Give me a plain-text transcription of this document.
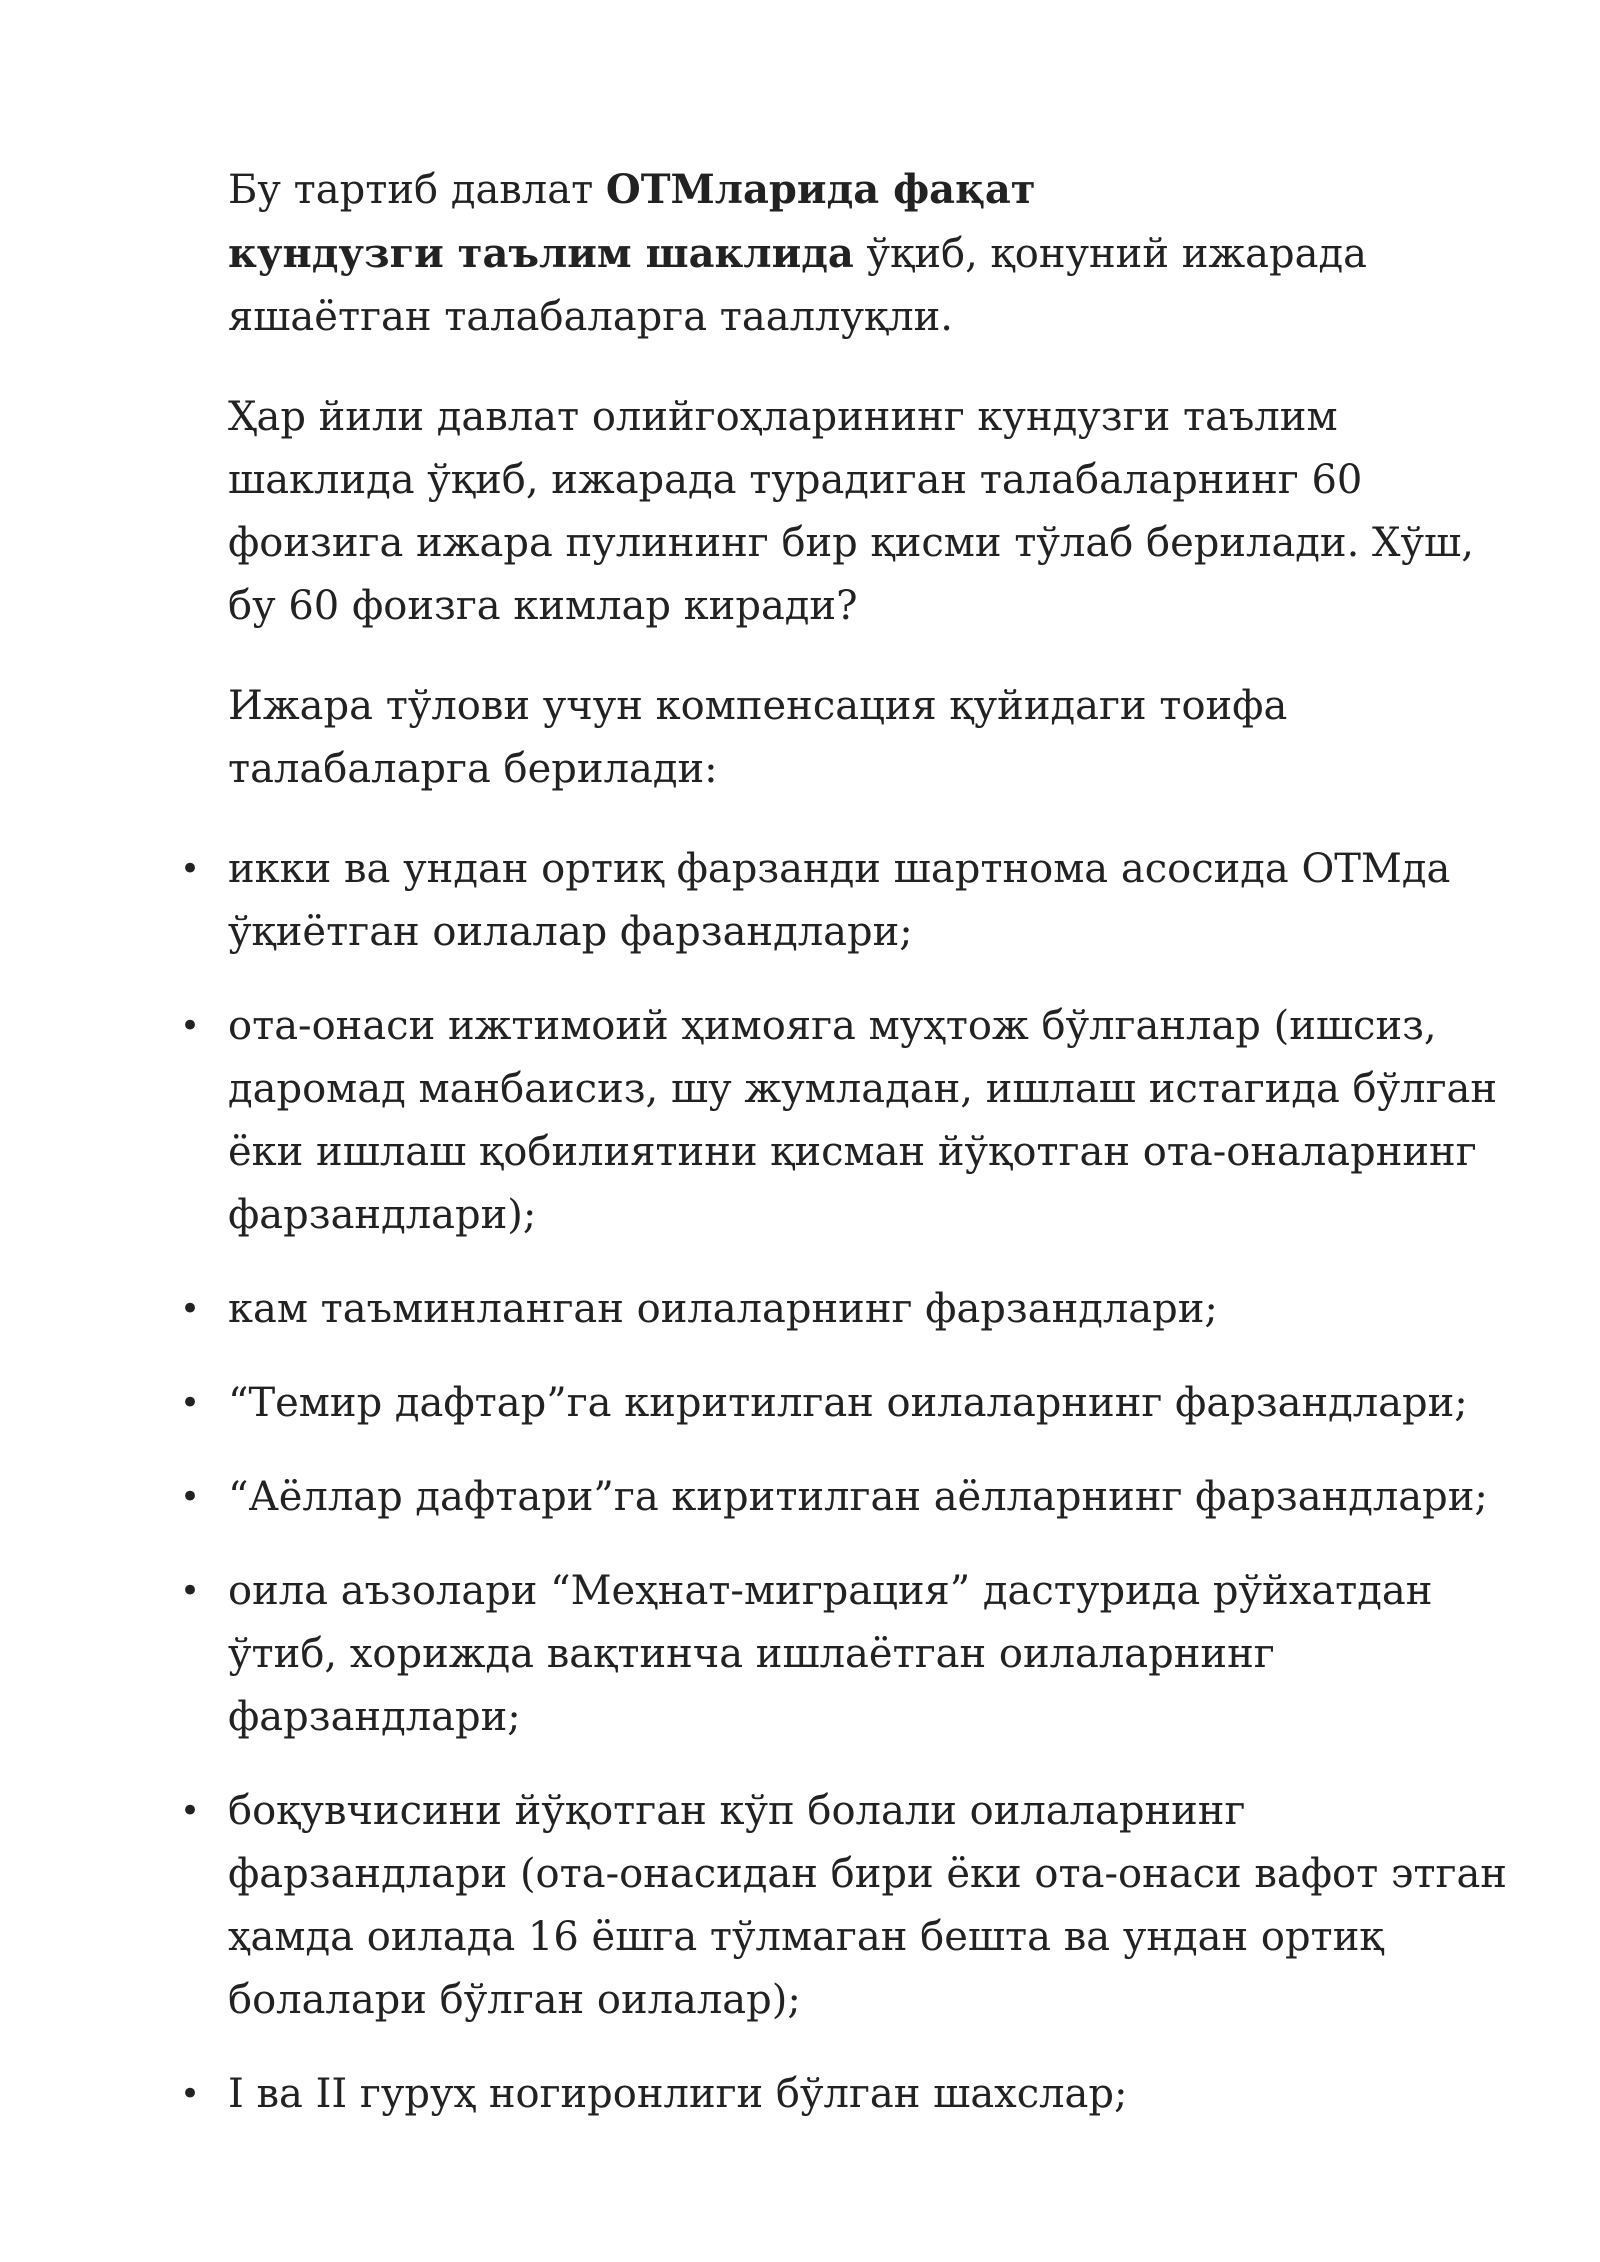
Бу тартиб давлат ОТМларида фақат
кундузги таълим шаклида ўқиб, қонуний ижарада яшаётган талабаларга тааллуқли.

Ҳар йили давлат олийгоҳларининг кундузги таълим шаклида ўқиб, ижарада турадиган талабаларнинг 60 фоизига ижара пулининг бир қисми тўлаб берилади. Хўш, бу 60 фоизга кимлар киради?

Ижара тўлови учун компенсация қуйидаги тоифа талабаларга берилади:

• икки ва ундан ортиқ фарзанди шартнома асосида ОТМда ўқиётган оилалар фарзандлари;
• ота-онаси ижтимоий ҳимояга муҳтож бўлганлар (ишсиз, даромад манбаисиз, шу жумладан, ишлаш истагида бўлган ёки ишлаш қобилиятини қисман йўқотган ота-оналарнинг фарзандлари);
• кам таъминланган оилаларнинг фарзандлари;
• “Темир дафтар”га киритилган оилаларнинг фарзандлари;
• “Аёллар дафтари”га киритилган аёлларнинг фарзандлари;
• оила аъзолари “Меҳнат-миграция” дастурида рўйхатдан ўтиб, хорижда вақтинча ишлаётган оилаларнинг фарзандлари;
• боқувчисини йўқотган кўп болали оилаларнинг фарзандлари (ота-онасидан бири ёки ота-онаси вафот этган ҳамда оилада 16 ёшга тўлмаган бешта ва ундан ортиқ болалари бўлган оилалар);
• I ва II гуруҳ ногиронлиги бўлган шахслар;
